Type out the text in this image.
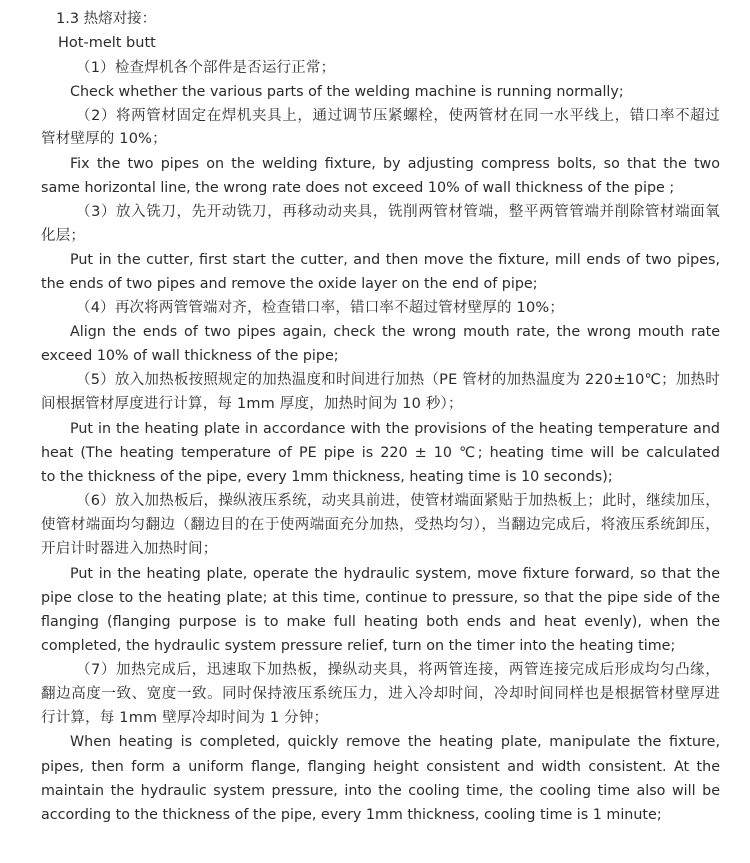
1.3 热熔对接：

Hot-melt butt

（1）检查焊机各个部件是否运行正常；

Check whether the various parts of the welding machine is running normally;

（2）将两管材固定在焊机夹具上，通过调节压紧螺栓，使两管材在同一水平线上，错口率不超过

管材壁厚的 10%；

Fix the two pipes on the welding fixture, by adjusting compress bolts, so that the two

same horizontal line, the wrong rate does not exceed 10% of wall thickness of the pipe ;

（3）放入铣刀，先开动铣刀，再移动动夹具，铣削两管材管端，整平两管管端并削除管材端面氧

化层；

Put in the cutter, first start the cutter, and then move the fixture, mill ends of two pipes,

the ends of two pipes and remove the oxide layer on the end of pipe;

（4）再次将两管管端对齐，检查错口率，错口率不超过管材壁厚的 10%；

Align the ends of two pipes again, check the wrong mouth rate, the wrong mouth rate

exceed 10% of wall thickness of the pipe;

（5）放入加热板按照规定的加热温度和时间进行加热（PE 管材的加热温度为 220±10℃；加热时

间根据管材厚度进行计算，每 1mm 厚度，加热时间为 10 秒）；

Put in the heating plate in accordance with the provisions of the heating temperature and

heat (The heating temperature of PE pipe is 220 ± 10 ℃; heating time will be calculated

to the thickness of the pipe, every 1mm thickness, heating time is 10 seconds);

（6）放入加热板后，操纵液压系统，动夹具前进，使管材端面紧贴于加热板上；此时，继续加压，

使管材端面均匀翻边（翻边目的在于使两端面充分加热，受热均匀），当翻边完成后，将液压系统卸压，

开启计时器进入加热时间；

Put in the heating plate, operate the hydraulic system, move fixture forward, so that the

pipe close to the heating plate; at this time, continue to pressure, so that the pipe side of the

flanging (flanging purpose is to make full heating both ends and heat evenly), when the

completed, the hydraulic system pressure relief, turn on the timer into the heating time;

（7）加热完成后，迅速取下加热板，操纵动夹具，将两管连接，两管连接完成后形成均匀凸缘，

翻边高度一致、宽度一致。同时保持液压系统压力，进入冷却时间，冷却时间同样也是根据管材壁厚进

行计算，每 1mm 壁厚冷却时间为 1 分钟；

When heating is completed, quickly remove the heating plate, manipulate the fixture,

pipes, then form a uniform flange, flanging height consistent and width consistent. At the

maintain the hydraulic system pressure, into the cooling time, the cooling time also will be

according to the thickness of the pipe, every 1mm thickness, cooling time is 1 minute;
